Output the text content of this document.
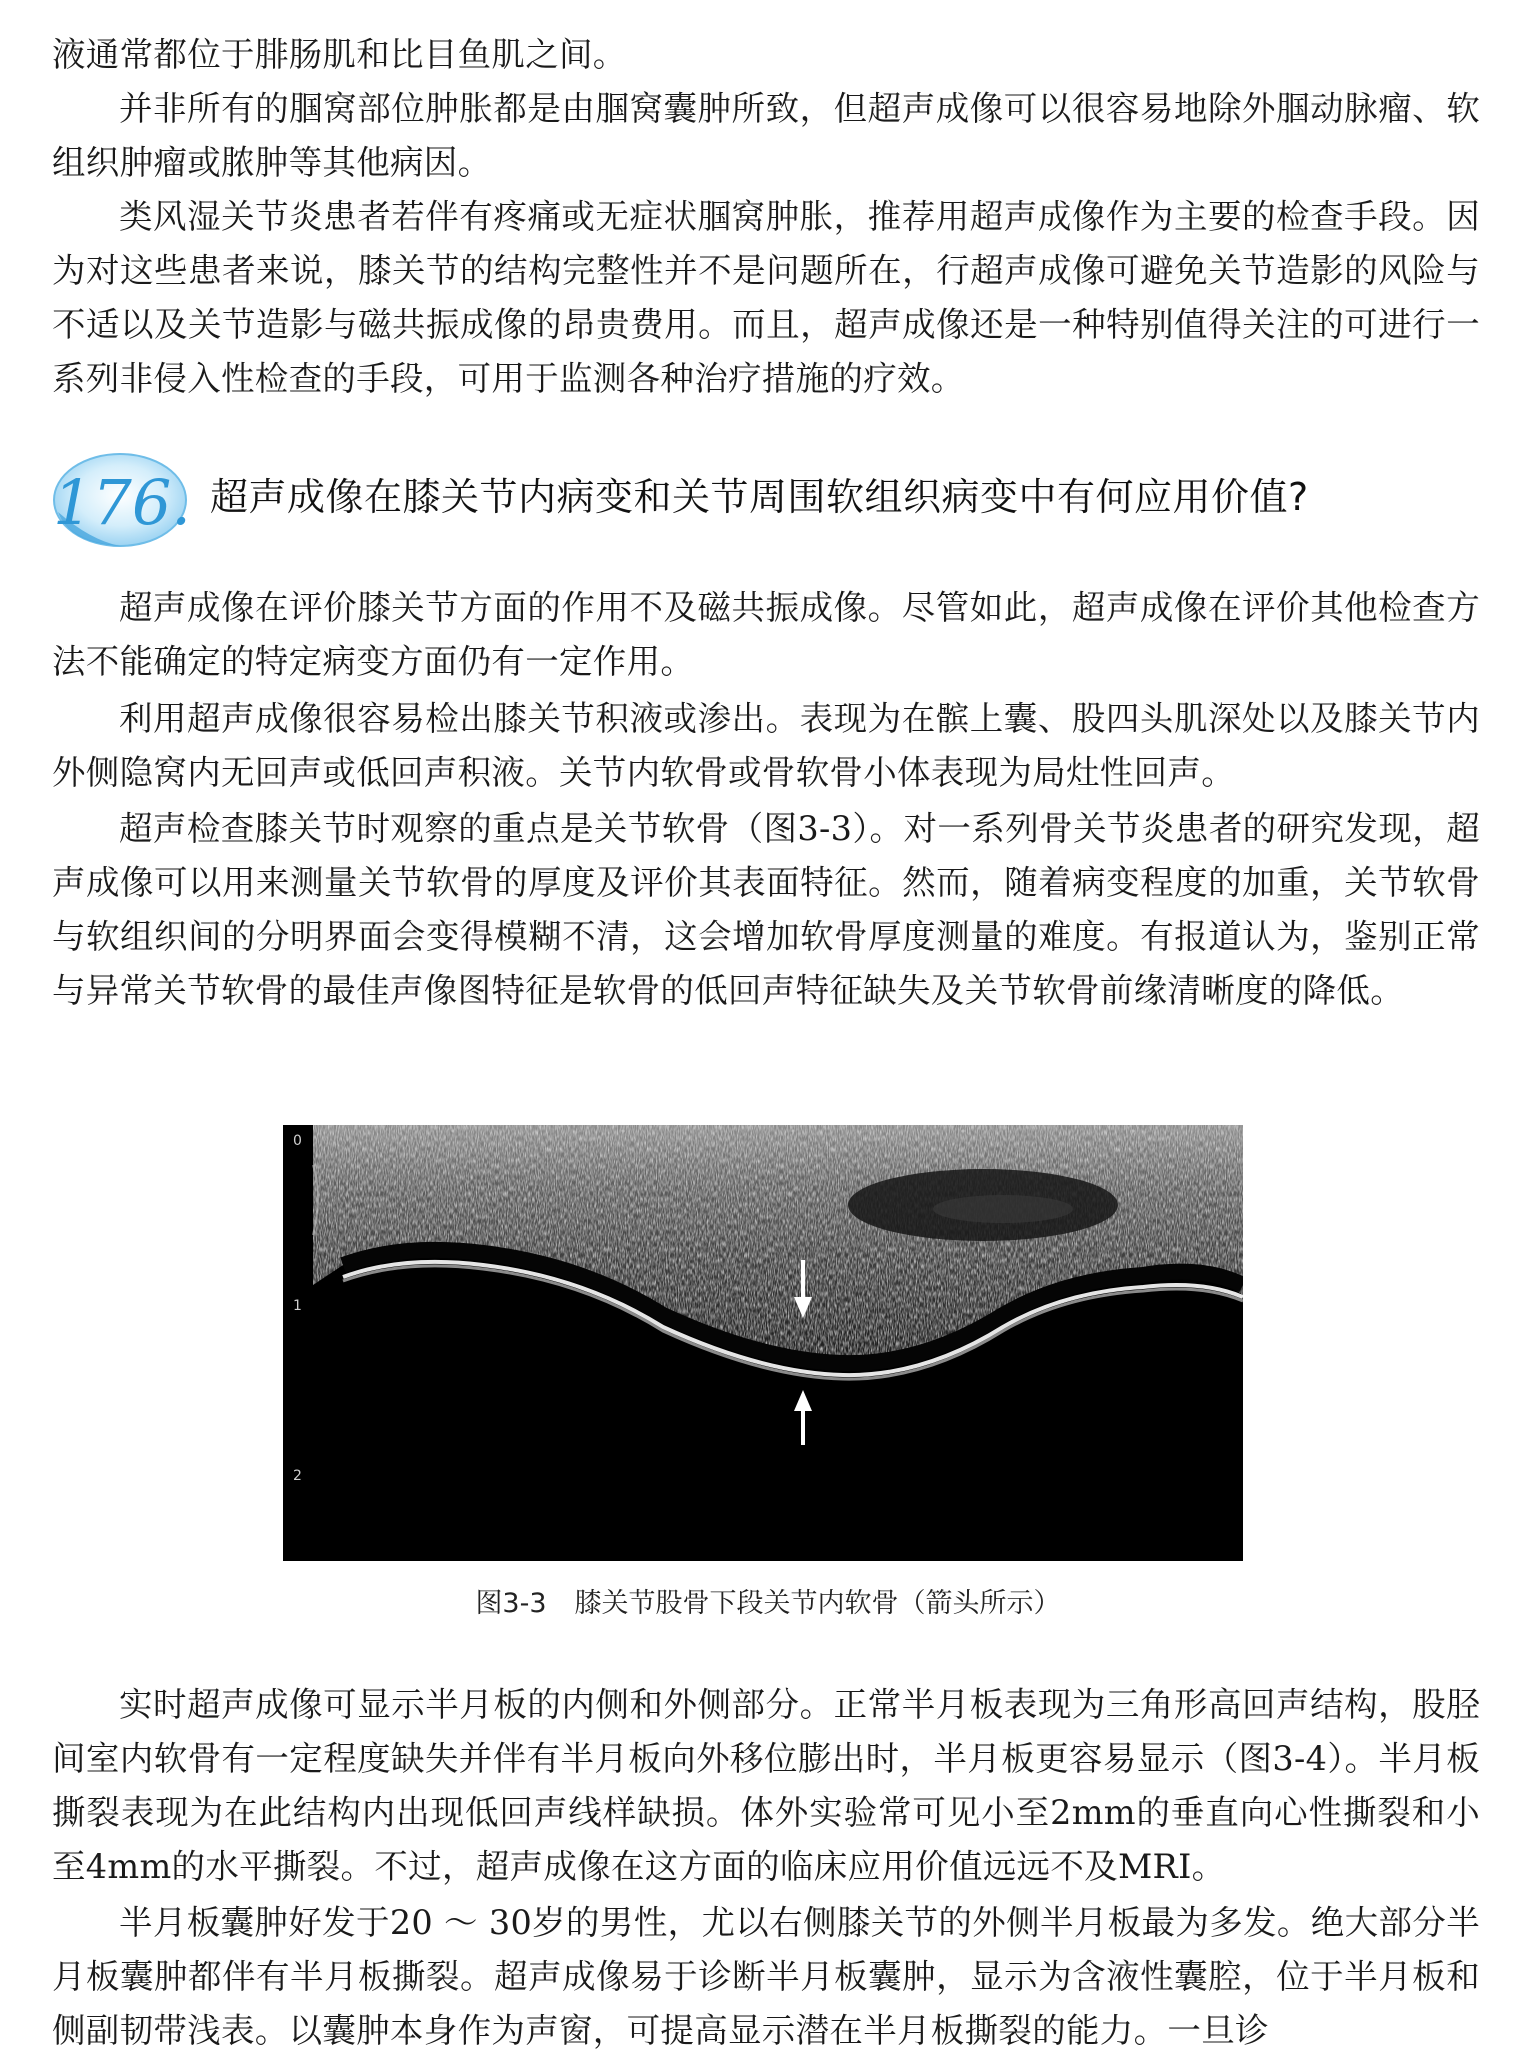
液通常都位于腓肠肌和比目鱼肌之间。

并非所有的腘窝部位肿胀都是由腘窝囊肿所致，但超声成像可以很容易地除外腘动脉瘤、软组织肿瘤或脓肿等其他病因。

类风湿关节炎患者若伴有疼痛或无症状腘窝肿胀，推荐用超声成像作为主要的检查手段。因为对这些患者来说，膝关节的结构完整性并不是问题所在，行超声成像可避免关节造影的风险与不适以及关节造影与磁共振成像的昂贵费用。而且，超声成像还是一种特别值得关注的可进行一系列非侵入性检查的手段，可用于监测各种治疗措施的疗效。

176. 超声成像在膝关节内病变和关节周围软组织病变中有何应用价值?

超声成像在评价膝关节方面的作用不及磁共振成像。尽管如此，超声成像在评价其他检查方法不能确定的特定病变方面仍有一定作用。

利用超声成像很容易检出膝关节积液或渗出。表现为在髌上囊、股四头肌深处以及膝关节内外侧隐窝内无回声或低回声积液。关节内软骨或骨软骨小体表现为局灶性回声。

超声检查膝关节时观察的重点是关节软骨（图3-3）。对一系列骨关节炎患者的研究发现，超声成像可以用来测量关节软骨的厚度及评价其表面特征。然而，随着病变程度的加重，关节软骨与软组织间的分明界面会变得模糊不清，这会增加软骨厚度测量的难度。有报道认为，鉴别正常与异常关节软骨的最佳声像图特征是软骨的低回声特征缺失及关节软骨前缘清晰度的降低。

0
1
2
图3-3 膝关节股骨下段关节内软骨（箭头所示）

实时超声成像可显示半月板的内侧和外侧部分。正常半月板表现为三角形高回声结构，股胫间室内软骨有一定程度缺失并伴有半月板向外移位膨出时，半月板更容易显示（图3-4）。半月板撕裂表现为在此结构内出现低回声线样缺损。体外实验常可见小至2mm的垂直向心性撕裂和小至4mm的水平撕裂。不过，超声成像在这方面的临床应用价值远远不及MRI。

半月板囊肿好发于20 ～ 30岁的男性，尤以右侧膝关节的外侧半月板最为多发。绝大部分半月板囊肿都伴有半月板撕裂。超声成像易于诊断半月板囊肿，显示为含液性囊腔，位于半月板和侧副韧带浅表。以囊肿本身作为声窗，可提高显示潜在半月板撕裂的能力。一旦诊
